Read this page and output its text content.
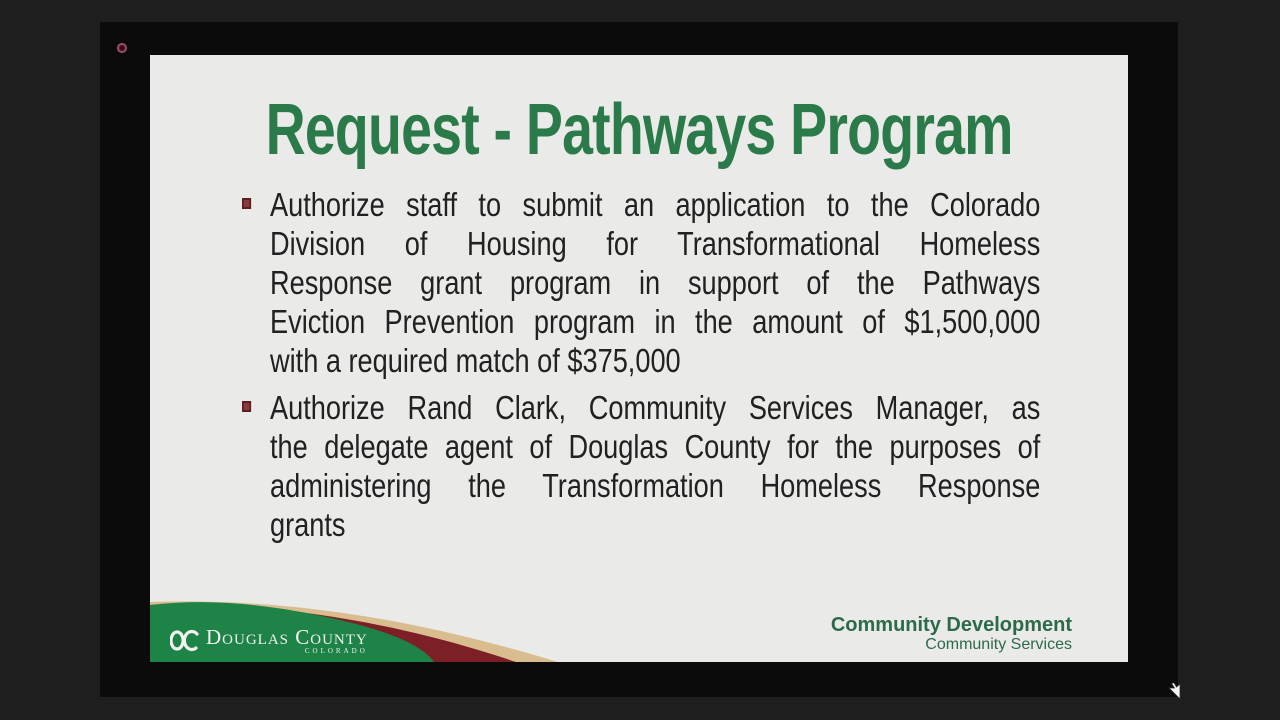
Request - Pathways Program
Authorize staff to submit an application to the Colorado
Division of Housing for Transformational Homeless
Response grant program in support of the Pathways
Eviction Prevention program in the amount of $1,500,000
with a required match of $375,000
Authorize Rand Clark, Community Services Manager, as
the delegate agent of Douglas County for the purposes of
administering the Transformation Homeless Response
grants
Douglas County
COLORADO
Community Development
Community Services
